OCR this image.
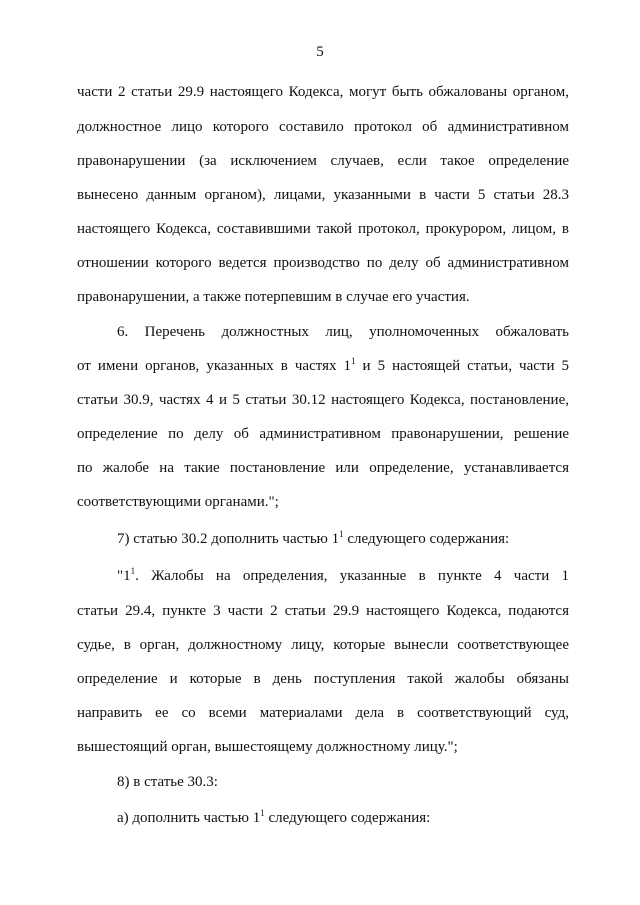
5
части 2 статьи 29.9 настоящего Кодекса, могут быть обжалованы органом,
должностное лицо которого составило протокол об административном
правонарушении (за исключением случаев, если такое определение
вынесено данным органом), лицами, указанными в части 5 статьи 28.3
настоящего Кодекса, составившими такой протокол, прокурором, лицом, в
отношении которого ведется производство по делу об административном
правонарушении, а также потерпевшим в случае его участия.
6. Перечень должностных лиц, уполномоченных обжаловать
от имени органов, указанных в частях $1^1$ и 5 настоящей статьи, части 5
статьи 30.9, частях 4 и 5 статьи 30.12 настоящего Кодекса, постановление,
определение по делу об административном правонарушении, решение
по жалобе на такие постановление или определение, устанавливается
соответствующими органами.";
7) статью 30.2 дополнить частью $1^1$ следующего содержания:
"$1^1$. Жалобы на определения, указанные в пункте 4 части 1
статьи 29.4, пункте 3 части 2 статьи 29.9 настоящего Кодекса, подаются
судье, в орган, должностному лицу, которые вынесли соответствующее
определение и которые в день поступления такой жалобы обязаны
направить ее со всеми материалами дела в соответствующий суд,
вышестоящий орган, вышестоящему должностному лицу.";
8) в статье 30.3:
а) дополнить частью $1^1$ следующего содержания:
